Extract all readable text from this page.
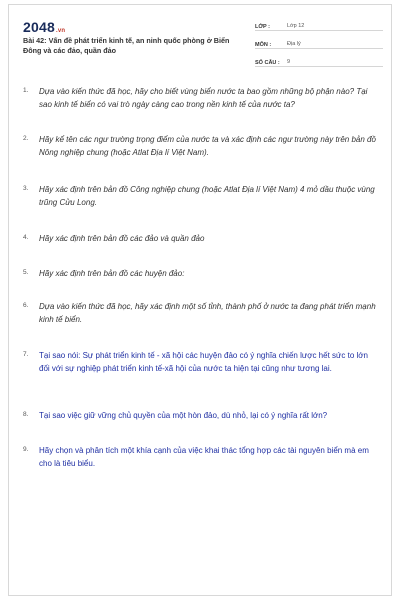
2048.vn
Bài 42: Vấn đề phát triển kinh tế, an ninh quốc phòng ở Biển Đông và các đảo, quần đảo
LỚP :	Lớp 12
MÔN :	Địa lý
SỐ CÂU :	9
1.	Dựa vào kiến thức đã học, hãy cho biết vùng biển nước ta bao gồm những bộ phận nào? Tại sao kinh tế biển có vai trò ngày càng cao trong nền kinh tế của nước ta?
2.	Hãy kể tên các ngư trường trọng điểm của nước ta và xác định các ngư trường này trên bản đồ Nông nghiệp chung (hoặc Atlat Địa lí Việt Nam).
3.	Hãy xác định trên bản đồ Công nghiệp chung (hoặc Atlat Địa lí Việt Nam) 4 mỏ dầu thuộc vùng trũng Cửu Long.
4.	Hãy xác định trên bản đồ các đảo và quần đảo
5.	Hãy xác định trên bản đồ các huyện đảo:
6.	Dựa vào kiến thức đã học, hãy xác định một số tỉnh, thành phố ở nước ta đang phát triển mạnh kinh tế biển.
7.	Tại sao nói: Sự phát triển kinh tế - xã hội các huyện đảo có ý nghĩa chiến lược hết sức to lớn đối với sự nghiệp phát triển kinh tế-xã hội của nước ta hiện tại cũng như tương lai.
8.	Tại sao việc giữ vững chủ quyền của một hòn đảo, dù nhỏ, lại có ý nghĩa rất lớn?
9.	Hãy chọn và phân tích một khía cạnh của việc khai thác tổng hợp các tài nguyên biển mà em cho là tiêu biểu.
